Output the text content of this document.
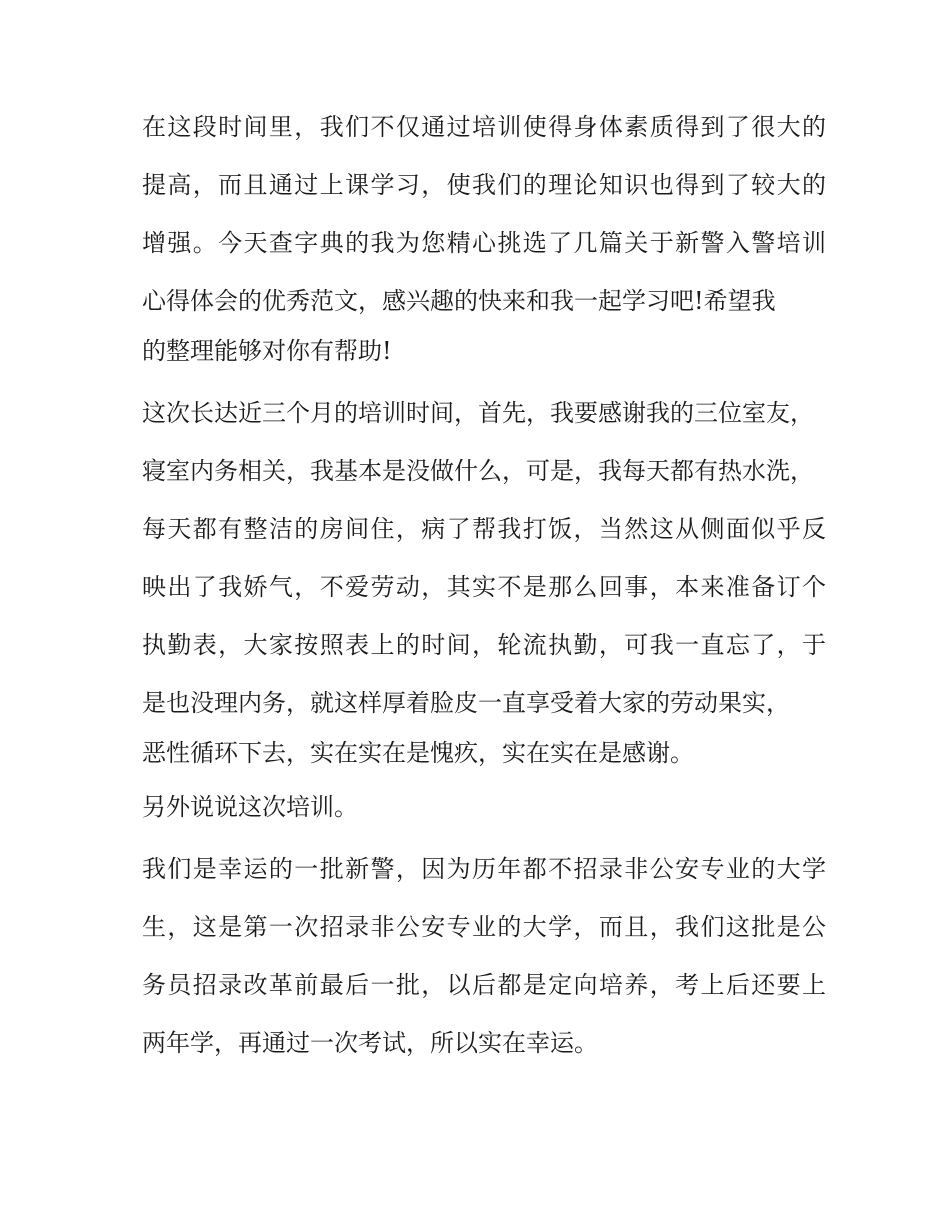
在这段时间里，我们不仅通过培训使得身体素质得到了很大的
提高，而且通过上课学习，使我们的理论知识也得到了较大的
增强。今天查字典的我为您精心挑选了几篇关于新警入警培训
心得体会的优秀范文，感兴趣的快来和我一起学习吧!希望我
的整理能够对你有帮助!
这次长达近三个月的培训时间，首先，我要感谢我的三位室友，
寝室内务相关，我基本是没做什么，可是，我每天都有热水洗，
每天都有整洁的房间住，病了帮我打饭，当然这从侧面似乎反
映出了我娇气，不爱劳动，其实不是那么回事，本来准备订个
执勤表，大家按照表上的时间，轮流执勤，可我一直忘了，于
是也没理内务，就这样厚着脸皮一直享受着大家的劳动果实，
恶性循环下去，实在实在是愧疚，实在实在是感谢。
另外说说这次培训。
我们是幸运的一批新警，因为历年都不招录非公安专业的大学
生，这是第一次招录非公安专业的大学，而且，我们这批是公
务员招录改革前最后一批，以后都是定向培养，考上后还要上
两年学，再通过一次考试，所以实在幸运。
